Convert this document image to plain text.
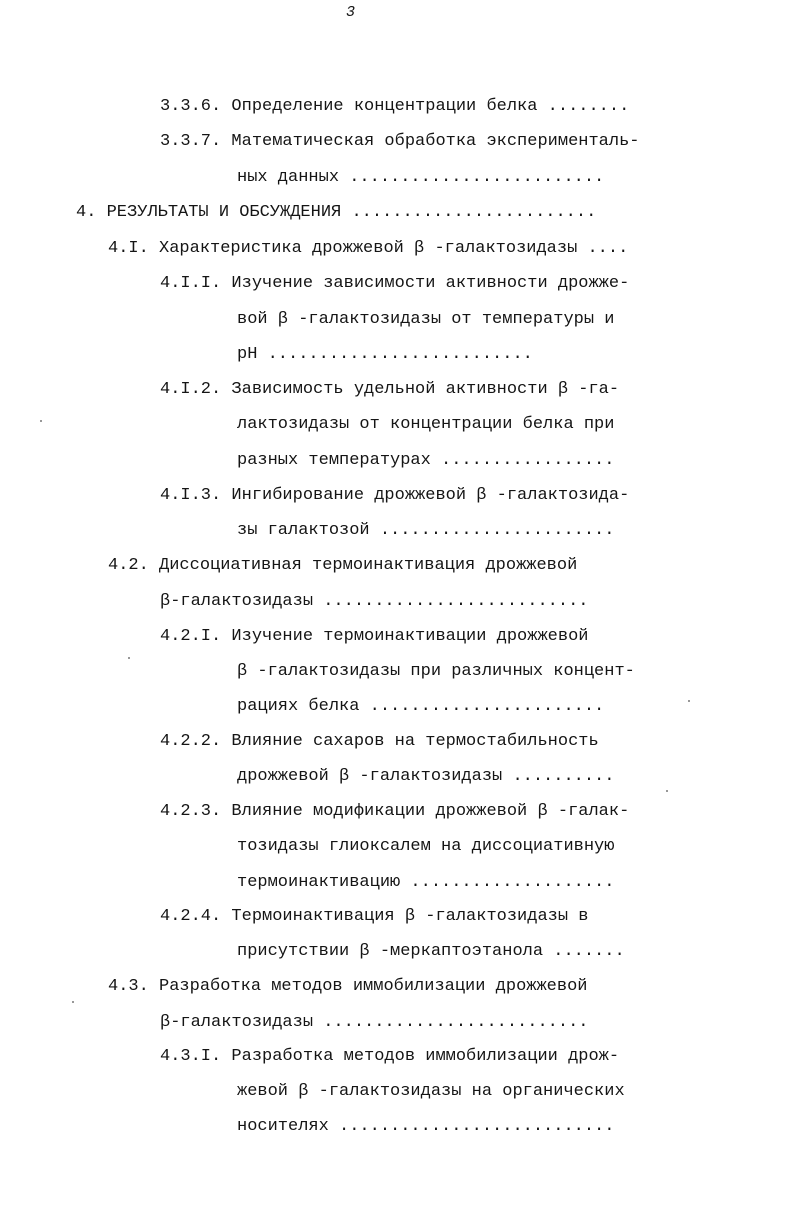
3
3.3.6. Определение концентрации белка ........
3.3.7. Математическая обработка эксперименталь-
ных данных .........................
4. РЕЗУЛЬТАТЫ И ОБСУЖДЕНИЯ ........................
4.I. Характеристика дрожжевой β -галактозидазы ....
4.I.I. Изучение зависимости активности дрожже-
вой β -галактозидазы от температуры и
pH ..........................
4.I.2. Зависимость удельной активности β -га-
лактозидазы от концентрации белка при
разных температурах .................
4.I.3. Ингибирование дрожжевой β -галактозида-
зы галактозой .......................
4.2. Диссоциативная термоинактивация дрожжевой
β-галактозидазы ..........................
4.2.I. Изучение термоинактивации дрожжевой
β -галактозидазы при различных концент-
рациях белка .......................
4.2.2. Влияние сахаров на термостабильность
дрожжевой β -галактозидазы ..........
4.2.3. Влияние модификации дрожжевой β -галак-
тозидазы глиоксалем на диссоциативную
термоинактивацию ....................
4.2.4. Термоинактивация β -галактозидазы в
присутствии β -меркаптоэтанола .......
4.3. Разработка методов иммобилизации дрожжевой
β-галактозидазы ..........................
4.3.I. Разработка методов иммобилизации дрож-
жевой β -галактозидазы на органических
носителях ...........................
